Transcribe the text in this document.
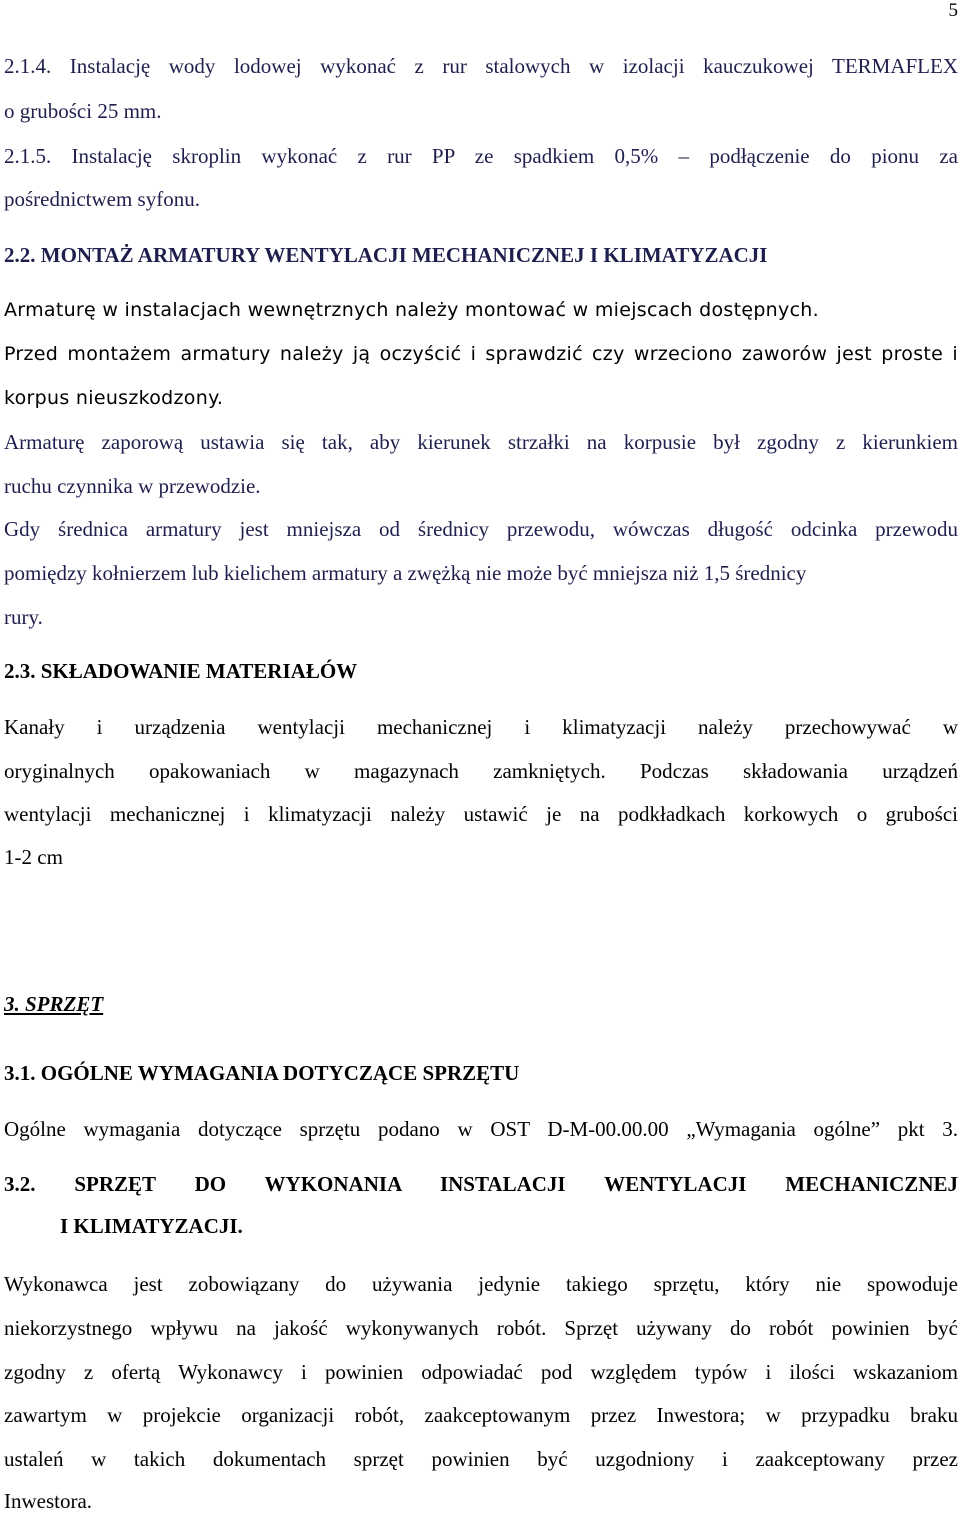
5
2.1.4. Instalację wody lodowej wykonać z rur stalowych w izolacji kauczukowej TERMAFLEX
o grubości 25 mm.
2.1.5. Instalację skroplin wykonać z rur PP ze spadkiem 0,5% – podłączenie do pionu za
pośrednictwem syfonu.
2.2. MONTAŻ ARMATURY WENTYLACJI MECHANICZNEJ I KLIMATYZACJI
Armaturę w instalacjach wewnętrznych należy montować w miejscach dostępnych.
Przed montażem armatury należy ją oczyścić i sprawdzić czy wrzeciono zaworów jest proste i
korpus nieuszkodzony.
Armaturę zaporową ustawia się tak, aby kierunek strzałki na korpusie był zgodny z kierunkiem
ruchu czynnika w przewodzie.
Gdy średnica armatury jest mniejsza od średnicy przewodu, wówczas długość odcinka przewodu
pomiędzy kołnierzem lub kielichem armatury a zwężką nie może być mniejsza niż 1,5 średnicy
rury.
2.3. SKŁADOWANIE MATERIAŁÓW
Kanały i urządzenia wentylacji mechanicznej i klimatyzacji należy przechowywać w
oryginalnych opakowaniach w magazynach zamkniętych. Podczas składowania urządzeń
wentylacji mechanicznej i klimatyzacji należy ustawić je na podkładkach korkowych o grubości
1-2 cm
3. SPRZĘT
3.1. OGÓLNE WYMAGANIA DOTYCZĄCE SPRZĘTU
Ogólne wymagania dotyczące sprzętu podano w OST D-M-00.00.00 „Wymagania ogólne” pkt 3.
3.2. SPRZĘT DO WYKONANIA INSTALACJI WENTYLACJI MECHANICZNEJ
I KLIMATYZACJI.
Wykonawca jest zobowiązany do używania jedynie takiego sprzętu, który nie spowoduje
niekorzystnego wpływu na jakość wykonywanych robót. Sprzęt używany do robót powinien być
zgodny z ofertą Wykonawcy i powinien odpowiadać pod względem typów i ilości wskazaniom
zawartym w projekcie organizacji robót, zaakceptowanym przez Inwestora; w przypadku braku
ustaleń w takich dokumentach sprzęt powinien być uzgodniony i zaakceptowany przez
Inwestora.
